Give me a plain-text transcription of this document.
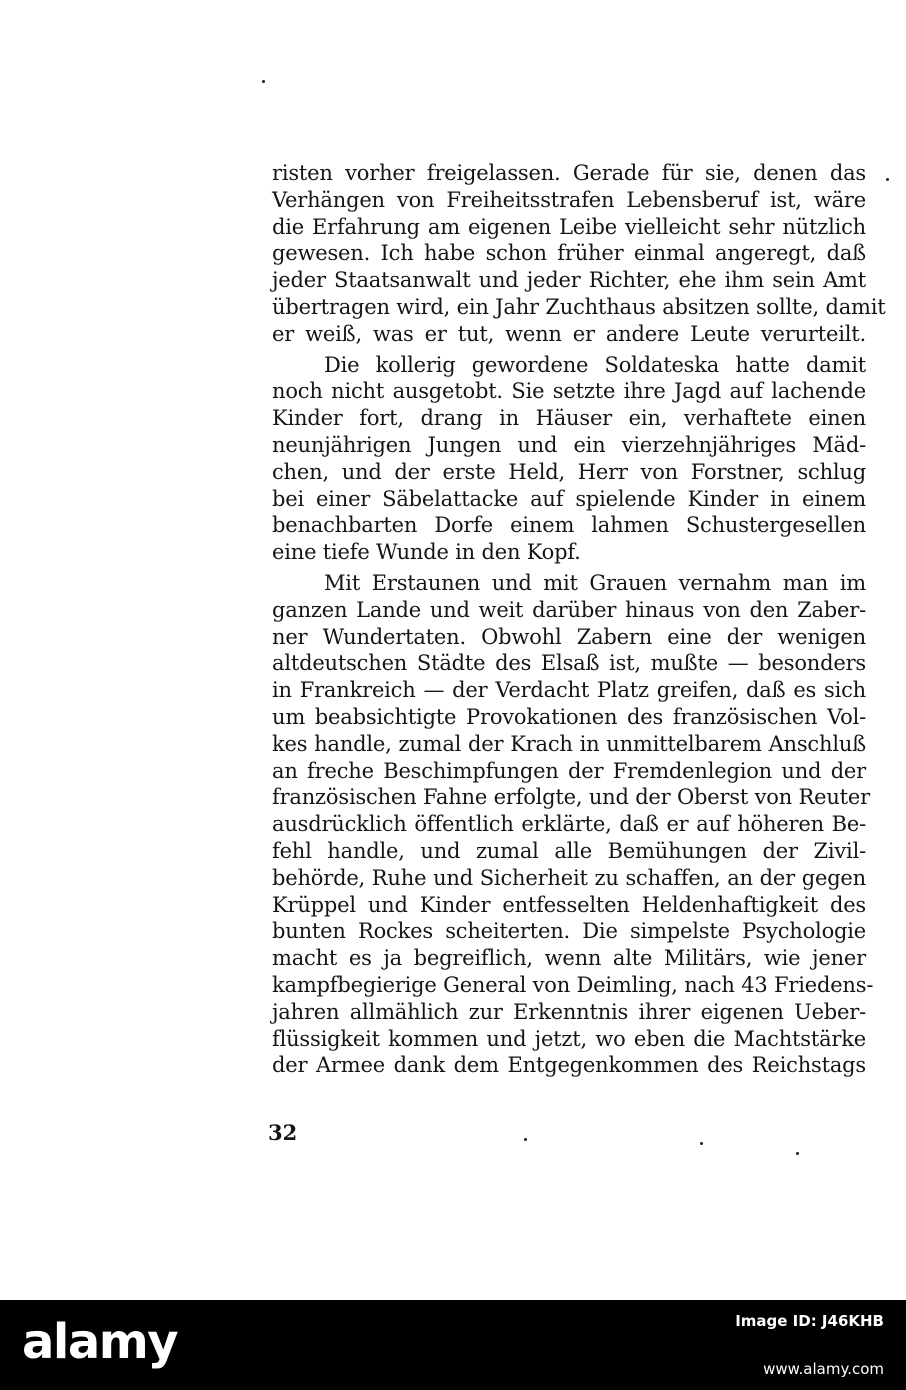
risten vorher freigelassen. Gerade für sie, denen das
Verhängen von Freiheitsstrafen Lebensberuf ist, wäre
die Erfahrung am eigenen Leibe vielleicht sehr nützlich
gewesen. Ich habe schon früher einmal angeregt, daß
jeder Staatsanwalt und jeder Richter, ehe ihm sein Amt
übertragen wird, ein Jahr Zuchthaus absitzen sollte, damit
er weiß, was er tut, wenn er andere Leute verurteilt.

Die kollerig gewordene Soldateska hatte damit
noch nicht ausgetobt. Sie setzte ihre Jagd auf lachende
Kinder fort, drang in Häuser ein, verhaftete einen
neunjährigen Jungen und ein vierzehnjähriges Mäd-
chen, und der erste Held, Herr von Forstner, schlug
bei einer Säbelattacke auf spielende Kinder in einem
benachbarten Dorfe einem lahmen Schustergesellen
eine tiefe Wunde in den Kopf.

Mit Erstaunen und mit Grauen vernahm man im
ganzen Lande und weit darüber hinaus von den Zaber-
ner Wundertaten. Obwohl Zabern eine der wenigen
altdeutschen Städte des Elsaß ist, mußte — besonders
in Frankreich — der Verdacht Platz greifen, daß es sich
um beabsichtigte Provokationen des französischen Vol-
kes handle, zumal der Krach in unmittelbarem Anschluß
an freche Beschimpfungen der Fremdenlegion und der
französischen Fahne erfolgte, und der Oberst von Reuter
ausdrücklich öffentlich erklärte, daß er auf höheren Be-
fehl handle, und zumal alle Bemühungen der Zivil-
behörde, Ruhe und Sicherheit zu schaffen, an der gegen
Krüppel und Kinder entfesselten Heldenhaftigkeit des
bunten Rockes scheiterten. Die simpelste Psychologie
macht es ja begreiflich, wenn alte Militärs, wie jener
kampfbegierige General von Deimling, nach 43 Friedens-
jahren allmählich zur Erkenntnis ihrer eigenen Ueber-
flüssigkeit kommen und jetzt, wo eben die Machtstärke
der Armee dank dem Entgegenkommen des Reichstags

32
alamy	Image ID: J46KHB
www.alamy.com
